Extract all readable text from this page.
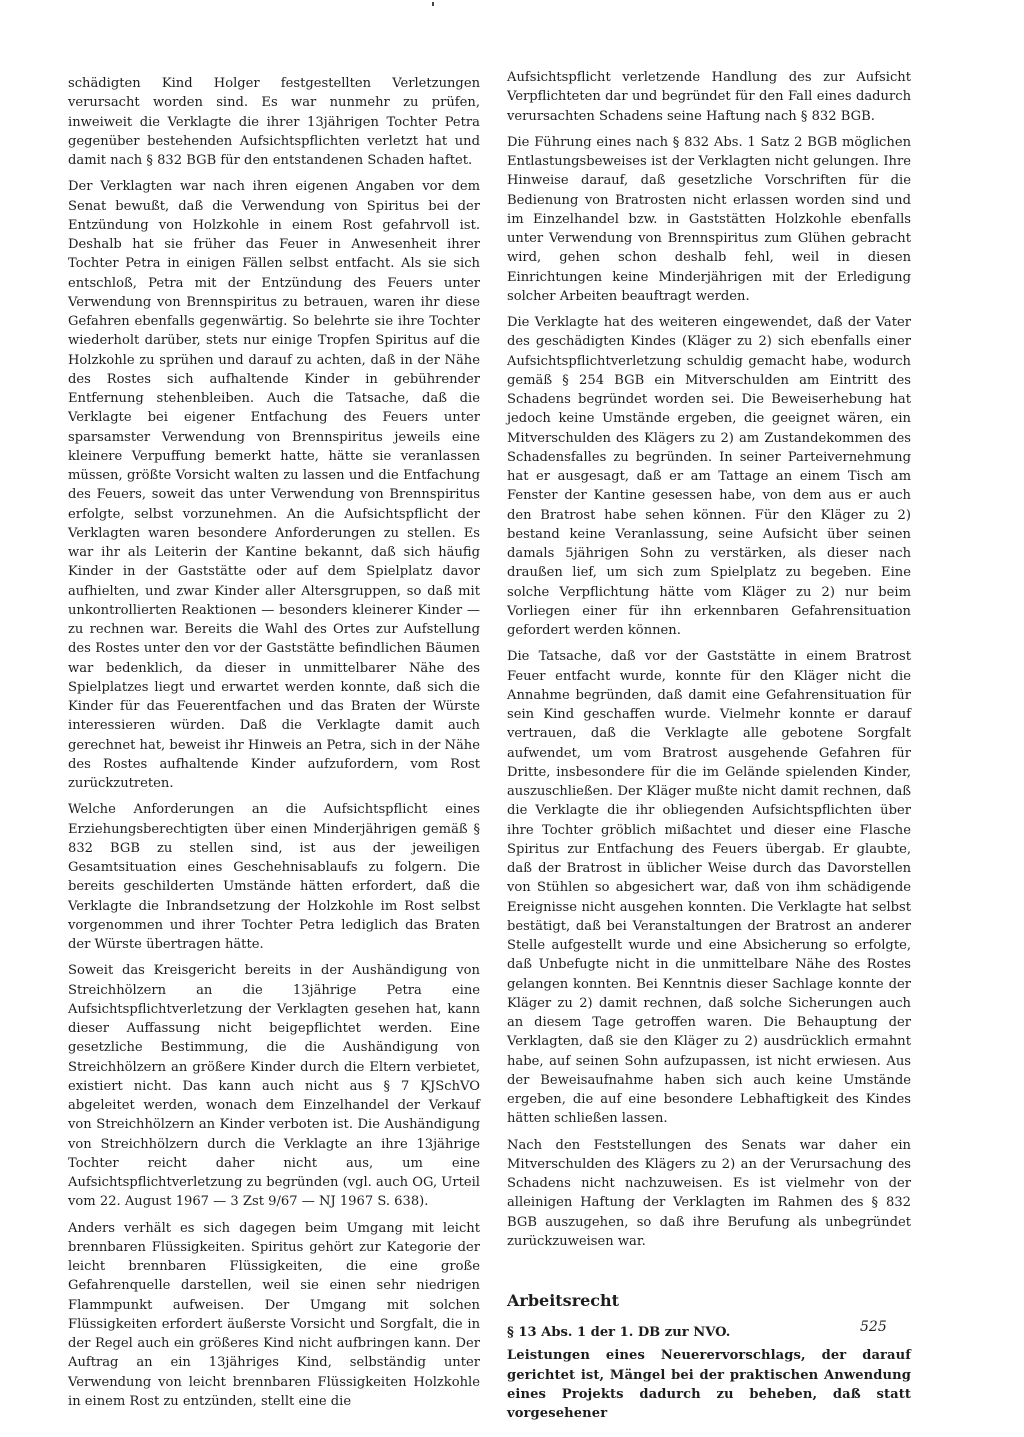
schädigten Kind Holger festgestellten Verletzungen verursacht worden sind. Es war nunmehr zu prüfen, inweiweit die Verklagte die ihrer 13jährigen Tochter Petra gegenüber bestehenden Aufsichtspflichten verletzt hat und damit nach § 832 BGB für den entstandenen Schaden haftet.

Der Verklagten war nach ihren eigenen Angaben vor dem Senat bewußt, daß die Verwendung von Spiritus bei der Entzündung von Holzkohle in einem Rost gefahrvoll ist. Deshalb hat sie früher das Feuer in Anwesenheit ihrer Tochter Petra in einigen Fällen selbst entfacht. Als sie sich entschloß, Petra mit der Entzündung des Feuers unter Verwendung von Brennspiritus zu betrauen, waren ihr diese Gefahren ebenfalls gegenwärtig. So belehrte sie ihre Tochter wiederholt darüber, stets nur einige Tropfen Spiritus auf die Holzkohle zu sprühen und darauf zu achten, daß in der Nähe des Rostes sich aufhaltende Kinder in gebührender Entfernung stehenbleiben. Auch die Tatsache, daß die Verklagte bei eigener Entfachung des Feuers unter sparsamster Verwendung von Brennspiritus jeweils eine kleinere Verpuffung bemerkt hatte, hätte sie veranlassen müssen, größte Vorsicht walten zu lassen und die Entfachung des Feuers, soweit das unter Verwendung von Brennspiritus erfolgte, selbst vorzunehmen. An die Aufsichtspflicht der Verklagten waren besondere Anforderungen zu stellen. Es war ihr als Leiterin der Kantine bekannt, daß sich häufig Kinder in der Gaststätte oder auf dem Spielplatz davor aufhielten, und zwar Kinder aller Altersgruppen, so daß mit unkontrollierten Reaktionen — besonders kleinerer Kinder — zu rechnen war. Bereits die Wahl des Ortes zur Aufstellung des Rostes unter den vor der Gaststätte befindlichen Bäumen war bedenklich, da dieser in unmittelbarer Nähe des Spielplatzes liegt und erwartet werden konnte, daß sich die Kinder für das Feuerentfachen und das Braten der Würste interessieren würden. Daß die Verklagte damit auch gerechnet hat, beweist ihr Hinweis an Petra, sich in der Nähe des Rostes aufhaltende Kinder aufzufordern, vom Rost zurückzutreten.

Welche Anforderungen an die Aufsichtspflicht eines Erziehungsberechtigten über einen Minderjährigen gemäß § 832 BGB zu stellen sind, ist aus der jeweiligen Gesamtsituation eines Geschehnisablaufs zu folgern. Die bereits geschilderten Umstände hätten erfordert, daß die Verklagte die Inbrandsetzung der Holzkohle im Rost selbst vorgenommen und ihrer Tochter Petra lediglich das Braten der Würste übertragen hätte.

Soweit das Kreisgericht bereits in der Aushändigung von Streichhölzern an die 13jährige Petra eine Aufsichtspflichtverletzung der Verklagten gesehen hat, kann dieser Auffassung nicht beigepflichtet werden. Eine gesetzliche Bestimmung, die die Aushändigung von Streichhölzern an größere Kinder durch die Eltern verbietet, existiert nicht. Das kann auch nicht aus § 7 KJSchVO abgeleitet werden, wonach dem Einzelhandel der Verkauf von Streichhölzern an Kinder verboten ist. Die Aushändigung von Streichhölzern durch die Verklagte an ihre 13jährige Tochter reicht daher nicht aus, um eine Aufsichtspflichtverletzung zu begründen (vgl. auch OG, Urteil vom 22. August 1967 — 3 Zst 9/67 — NJ 1967 S. 638).

Anders verhält es sich dagegen beim Umgang mit leicht brennbaren Flüssigkeiten. Spiritus gehört zur Kategorie der leicht brennbaren Flüssigkeiten, die eine große Gefahrenquelle darstellen, weil sie einen sehr niedrigen Flammpunkt aufweisen. Der Umgang mit solchen Flüssigkeiten erfordert äußerste Vorsicht und Sorgfalt, die in der Regel auch ein größeres Kind nicht aufbringen kann. Der Auftrag an ein 13jähriges Kind, selbständig unter Verwendung von leicht brennbaren Flüssigkeiten Holzkohle in einem Rost zu entzünden, stellt eine die

Aufsichtspflicht verletzende Handlung des zur Aufsicht Verpflichteten dar und begründet für den Fall eines dadurch verursachten Schadens seine Haftung nach § 832 BGB.

Die Führung eines nach § 832 Abs. 1 Satz 2 BGB möglichen Entlastungsbeweises ist der Verklagten nicht gelungen. Ihre Hinweise darauf, daß gesetzliche Vorschriften für die Bedienung von Bratrosten nicht erlassen worden sind und im Einzelhandel bzw. in Gaststätten Holzkohle ebenfalls unter Verwendung von Brennspiritus zum Glühen gebracht wird, gehen schon deshalb fehl, weil in diesen Einrichtungen keine Minderjährigen mit der Erledigung solcher Arbeiten beauftragt werden.

Die Verklagte hat des weiteren eingewendet, daß der Vater des geschädigten Kindes (Kläger zu 2) sich ebenfalls einer Aufsichtspflichtverletzung schuldig gemacht habe, wodurch gemäß § 254 BGB ein Mitverschulden am Eintritt des Schadens begründet worden sei. Die Beweiserhebung hat jedoch keine Umstände ergeben, die geeignet wären, ein Mitverschulden des Klägers zu 2) am Zustandekommen des Schadensfalles zu begründen. In seiner Parteivernehmung hat er ausgesagt, daß er am Tattage an einem Tisch am Fenster der Kantine gesessen habe, von dem aus er auch den Bratrost habe sehen können. Für den Kläger zu 2) bestand keine Veranlassung, seine Aufsicht über seinen damals 5jährigen Sohn zu verstärken, als dieser nach draußen lief, um sich zum Spielplatz zu begeben. Eine solche Verpflichtung hätte vom Kläger zu 2) nur beim Vorliegen einer für ihn erkennbaren Gefahrensituation gefordert werden können.

Die Tatsache, daß vor der Gaststätte in einem Bratrost Feuer entfacht wurde, konnte für den Kläger nicht die Annahme begründen, daß damit eine Gefahrensituation für sein Kind geschaffen wurde. Vielmehr konnte er darauf vertrauen, daß die Verklagte alle gebotene Sorgfalt aufwendet, um vom Bratrost ausgehende Gefahren für Dritte, insbesondere für die im Gelände spielenden Kinder, auszuschließen. Der Kläger mußte nicht damit rechnen, daß die Verklagte die ihr obliegenden Aufsichtspflichten über ihre Tochter gröblich mißachtet und dieser eine Flasche Spiritus zur Entfachung des Feuers übergab. Er glaubte, daß der Bratrost in üblicher Weise durch das Davorstellen von Stühlen so abgesichert war, daß von ihm schädigende Ereignisse nicht ausgehen konnten. Die Verklagte hat selbst bestätigt, daß bei Veranstaltungen der Bratrost an anderer Stelle aufgestellt wurde und eine Absicherung so erfolgte, daß Unbefugte nicht in die unmittelbare Nähe des Rostes gelangen konnten. Bei Kenntnis dieser Sachlage konnte der Kläger zu 2) damit rechnen, daß solche Sicherungen auch an diesem Tage getroffen waren. Die Behauptung der Verklagten, daß sie den Kläger zu 2) ausdrücklich ermahnt habe, auf seinen Sohn aufzupassen, ist nicht erwiesen. Aus der Beweisaufnahme haben sich auch keine Umstände ergeben, die auf eine besondere Lebhaftigkeit des Kindes hätten schließen lassen.

Nach den Feststellungen des Senats war daher ein Mitverschulden des Klägers zu 2) an der Verursachung des Schadens nicht nachzuweisen. Es ist vielmehr von der alleinigen Haftung der Verklagten im Rahmen des § 832 BGB auszugehen, so daß ihre Berufung als unbegründet zurückzuweisen war.

Arbeitsrecht

§ 13 Abs. 1 der 1. DB zur NVO.

Leistungen eines Neuerervorschlags, der darauf gerichtet ist, Mängel bei der praktischen Anwendung eines Projekts dadurch zu beheben, daß statt vorgesehener

525
